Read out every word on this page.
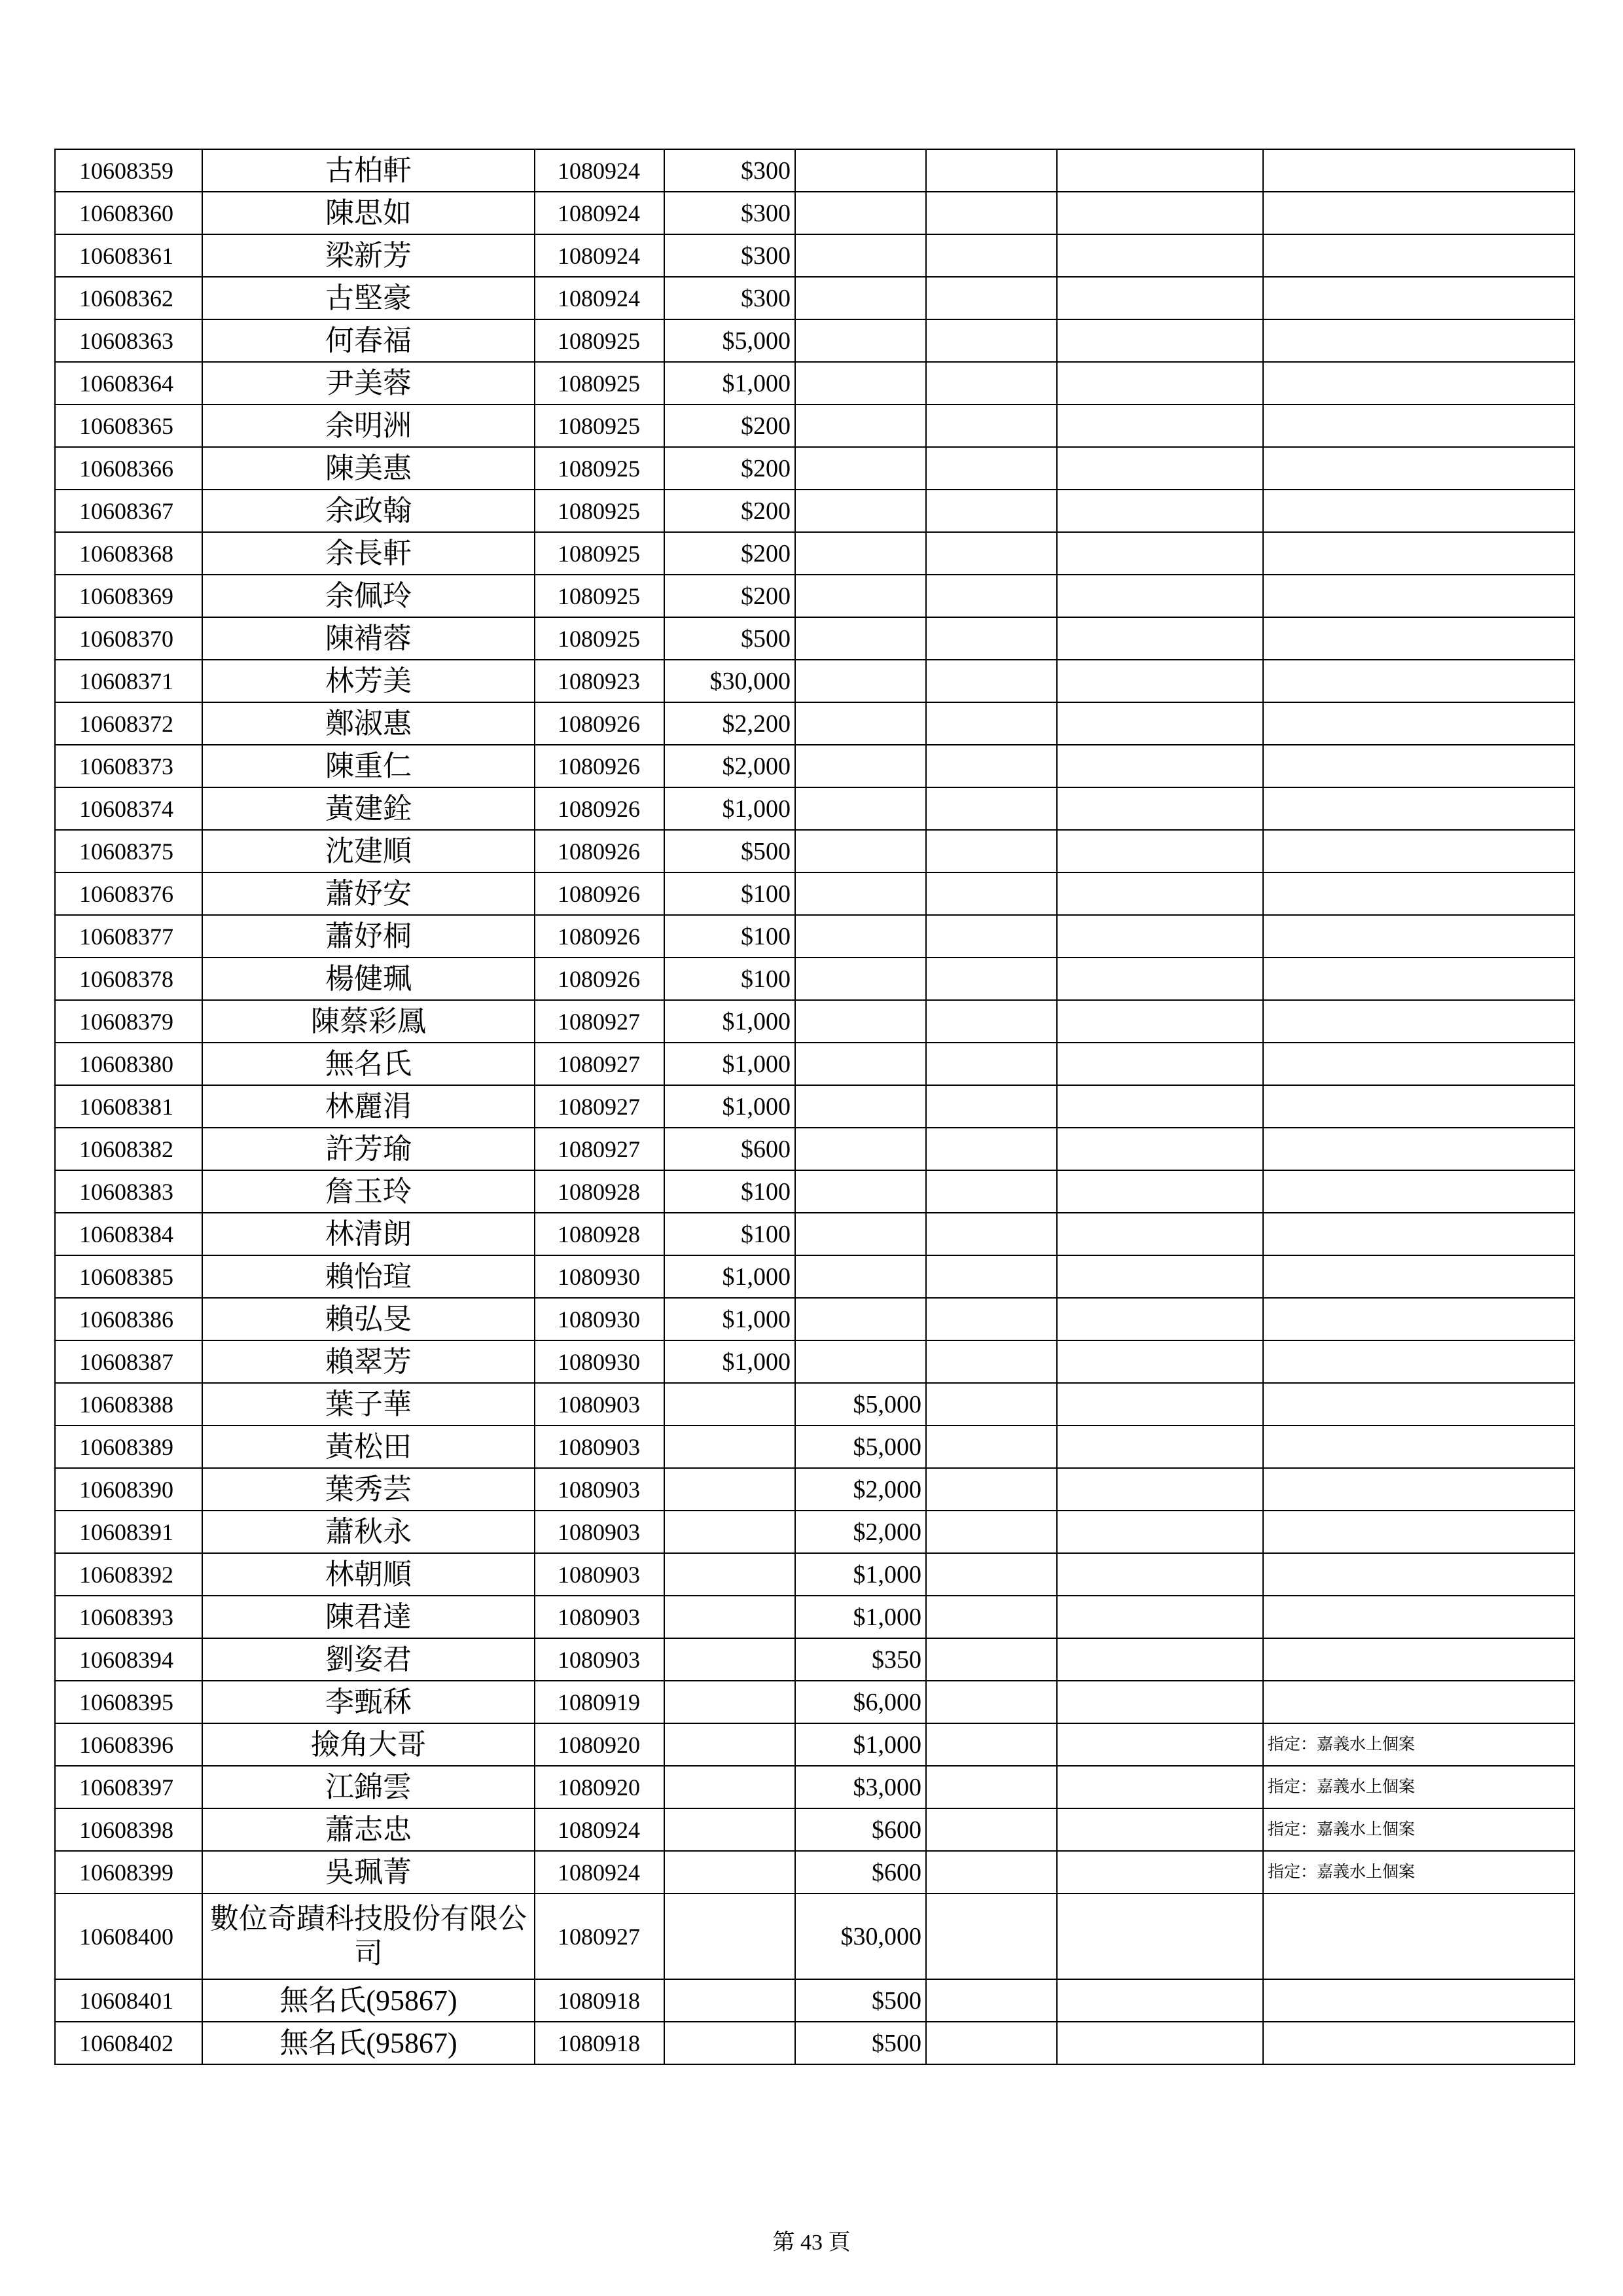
10608359	古柏軒	1080924	$300				
10608360	陳思如	1080924	$300				
10608361	梁新芳	1080924	$300				
10608362	古堅豪	1080924	$300				
10608363	何春福	1080925	$5,000				
10608364	尹美蓉	1080925	$1,000				
10608365	余明洲	1080925	$200				
10608366	陳美惠	1080925	$200				
10608367	余政翰	1080925	$200				
10608368	余長軒	1080925	$200				
10608369	余佩玲	1080925	$200				
10608370	陳褙蓉	1080925	$500				
10608371	林芳美	1080923	$30,000				
10608372	鄭淑惠	1080926	$2,200				
10608373	陳重仁	1080926	$2,000				
10608374	黃建銓	1080926	$1,000				
10608375	沈建順	1080926	$500				
10608376	蕭妤安	1080926	$100				
10608377	蕭妤桐	1080926	$100				
10608378	楊健珮	1080926	$100				
10608379	陳蔡彩鳳	1080927	$1,000				
10608380	無名氏	1080927	$1,000				
10608381	林麗涓	1080927	$1,000				
10608382	許芳瑜	1080927	$600				
10608383	詹玉玲	1080928	$100				
10608384	林清朗	1080928	$100				
10608385	賴怡瑄	1080930	$1,000				
10608386	賴弘旻	1080930	$1,000				
10608387	賴翠芳	1080930	$1,000				
10608388	葉子華	1080903		$5,000			
10608389	黃松田	1080903		$5,000			
10608390	葉秀芸	1080903		$2,000			
10608391	蕭秋永	1080903		$2,000			
10608392	林朝順	1080903		$1,000			
10608393	陳君達	1080903		$1,000			
10608394	劉姿君	1080903		$350			
10608395	李甄秝	1080919		$6,000			
10608396	撿角大哥	1080920		$1,000			指定：嘉義水上個案
10608397	江錦雲	1080920		$3,000			指定：嘉義水上個案
10608398	蕭志忠	1080924		$600			指定：嘉義水上個案
10608399	吳珮菁	1080924		$600			指定：嘉義水上個案
10608400	數位奇蹟科技股份有限公司	1080927		$30,000			
10608401	無名氏(95867)	1080918		$500			
10608402	無名氏(95867)	1080918		$500			
第 43 頁
